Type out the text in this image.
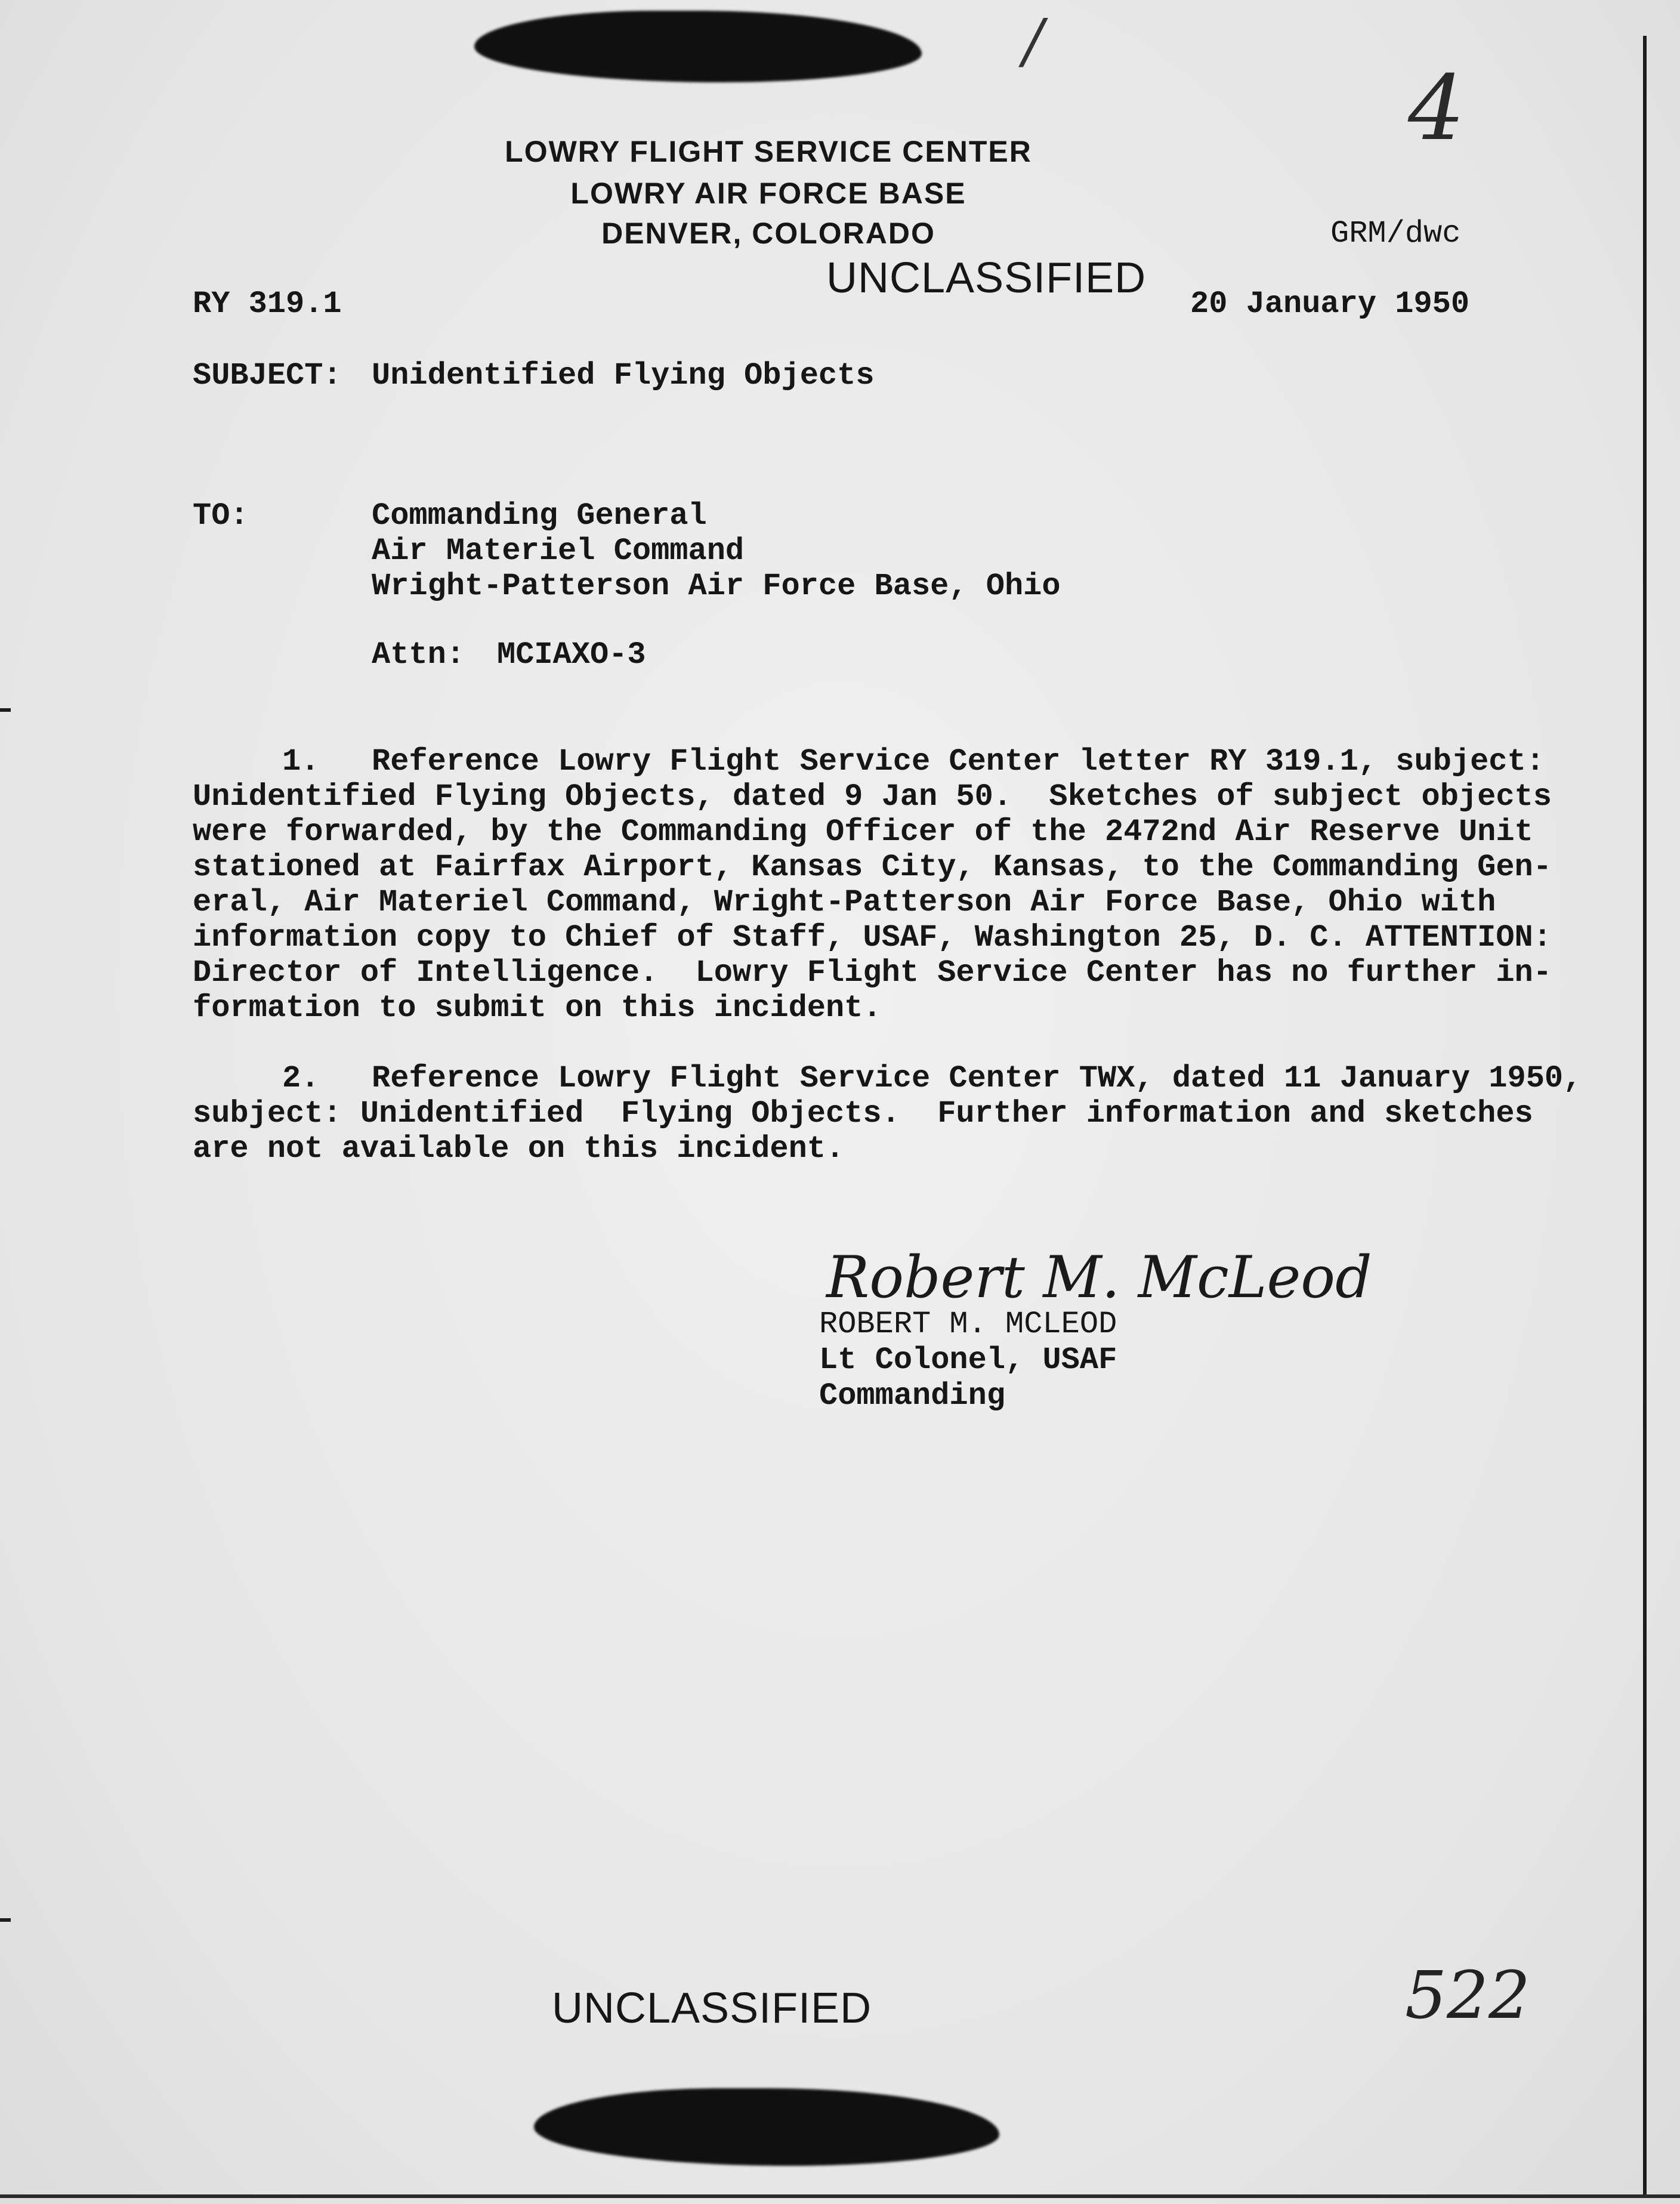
/
4
LOWRY FLIGHT SERVICE CENTER
LOWRY AIR FORCE BASE
DENVER, COLORADO	GRM/dwc
UNCLASSIFIED
RY 319.1	20 January 1950
SUBJECT: Unidentified Flying Objects
TO:	Commanding General
Air Materiel Command
Wright-Patterson Air Force Base, Ohio
Attn: MCIAXO-3
1. Reference Lowry Flight Service Center letter RY 319.1, subject:
Unidentified Flying Objects, dated 9 Jan 50.  Sketches of subject objects
were forwarded, by the Commanding Officer of the 2472nd Air Reserve Unit
stationed at Fairfax Airport, Kansas City, Kansas, to the Commanding Gen-
eral, Air Materiel Command, Wright-Patterson Air Force Base, Ohio with
information copy to Chief of Staff, USAF, Washington 25, D. C. ATTENTION:
Director of Intelligence.  Lowry Flight Service Center has no further in-
formation to submit on this incident.
2. Reference Lowry Flight Service Center TWX, dated 11 January 1950,
subject: Unidentified  Flying Objects.  Further information and sketches
are not available on this incident.
Robert M. McLeod
ROBERT M. MCLEOD
Lt Colonel, USAF
Commanding
UNCLASSIFIED	522
